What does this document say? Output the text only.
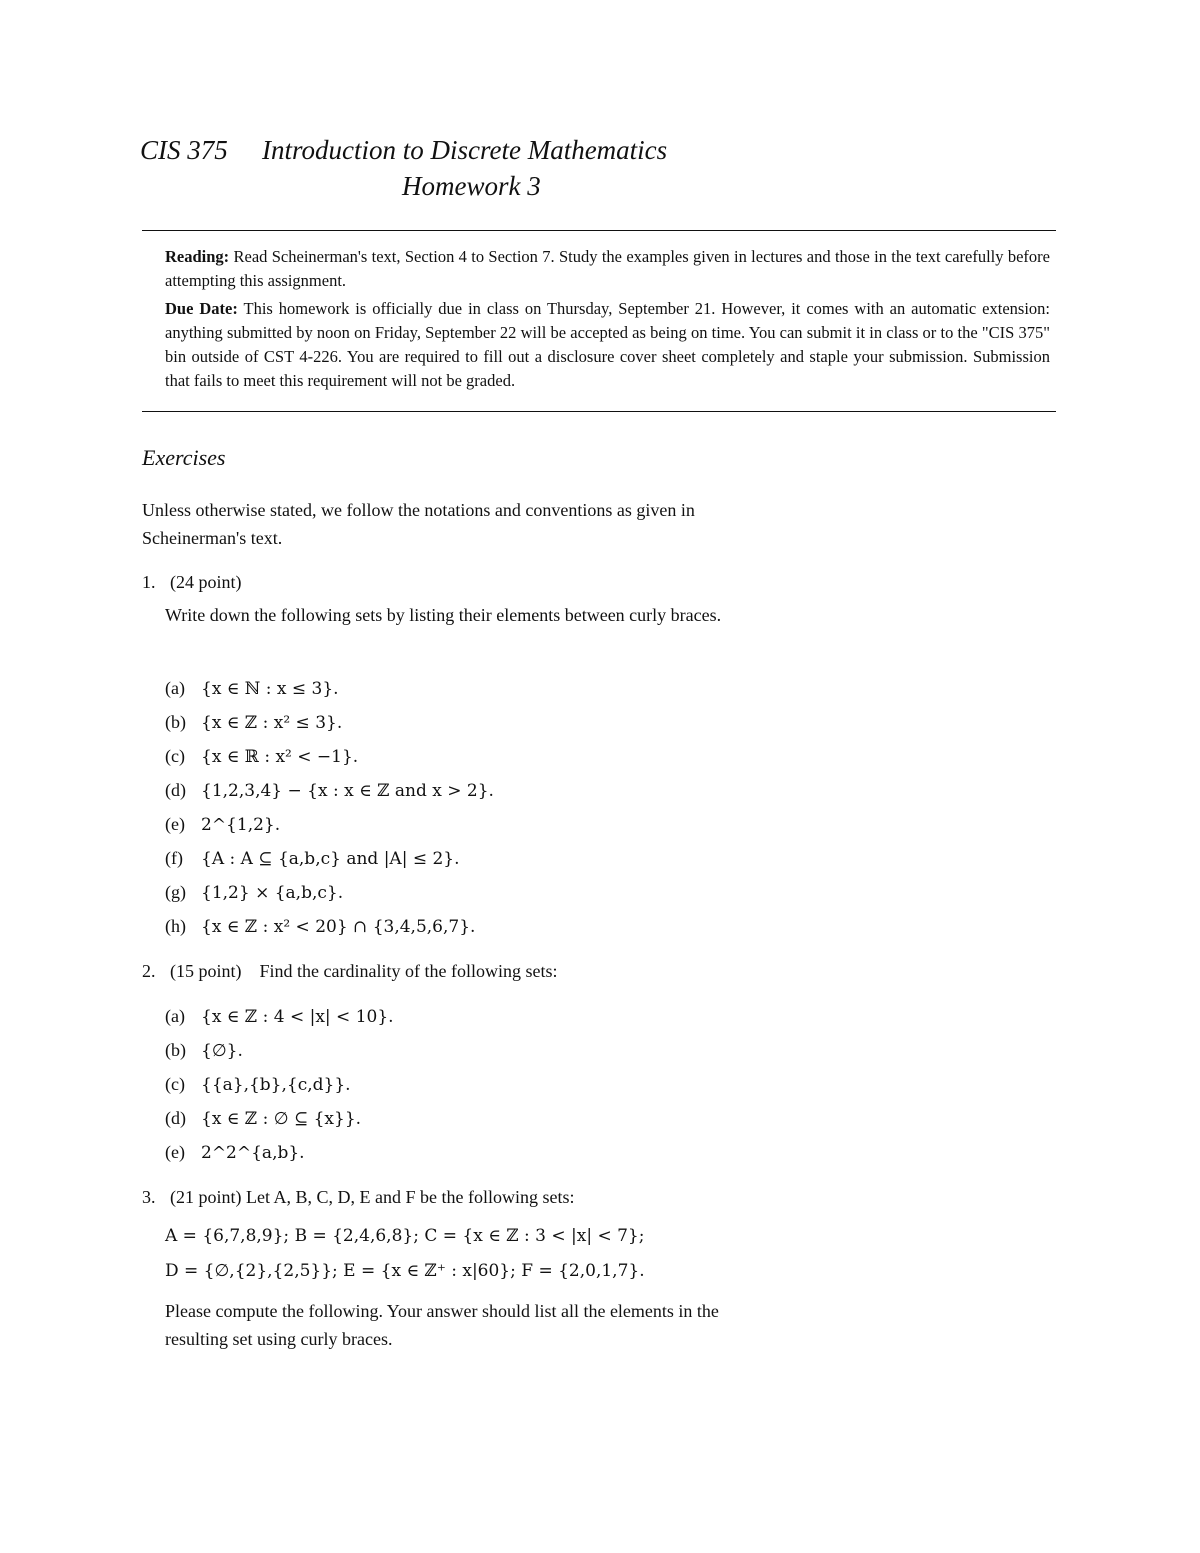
CIS 375 Introduction to Discrete Mathematics
Homework 3

Reading: Read Scheinerman's text, Section 4 to Section 7. Study the examples given in lectures and those in the text carefully before attempting this assignment.

Due Date: This homework is officially due in class on Thursday, September 21. However, it comes with an automatic extension: anything submitted by noon on Friday, September 22 will be accepted as being on time. You can submit it in class or to the "CIS 375" bin outside of CST 4-226. You are required to fill out a disclosure cover sheet completely and staple your submission. Submission that fails to meet this requirement will not be graded.

Exercises
Unless otherwise stated, we follow the notations and conventions as given in Scheinerman's text.
1. (24 point)
Write down the following sets by listing their elements between curly braces.
(a) {x ∈ ℕ : x ≤ 3}.
(b) {x ∈ ℤ : x² ≤ 3}.
(c) {x ∈ ℝ : x² < −1}.
(d) {1,2,3,4} − {x : x ∈ ℤ and x > 2}.
(e) 2^{1,2}.
(f) {A : A ⊆ {a,b,c} and |A| ≤ 2}.
(g) {1,2} × {a,b,c}.
(h) {x ∈ ℤ : x² < 20} ∩ {3,4,5,6,7}.
2. (15 point) Find the cardinality of the following sets:
(a) {x ∈ ℤ : 4 < |x| < 10}.
(b) {∅}.
(c) {{a},{b},{c,d}}.
(d) {x ∈ ℤ : ∅ ⊆ {x}}.
(e) 2^2^{a,b}.
3. (21 point) Let A, B, C, D, E and F be the following sets:
A = {6,7,8,9}; B = {2,4,6,8}; C = {x ∈ ℤ : 3 < |x| < 7};
D = {∅,{2},{2,5}}; E = {x ∈ ℤ⁺ : x|60}; F = {2,0,1,7}.
Please compute the following. Your answer should list all the elements in the resulting set using curly braces.
